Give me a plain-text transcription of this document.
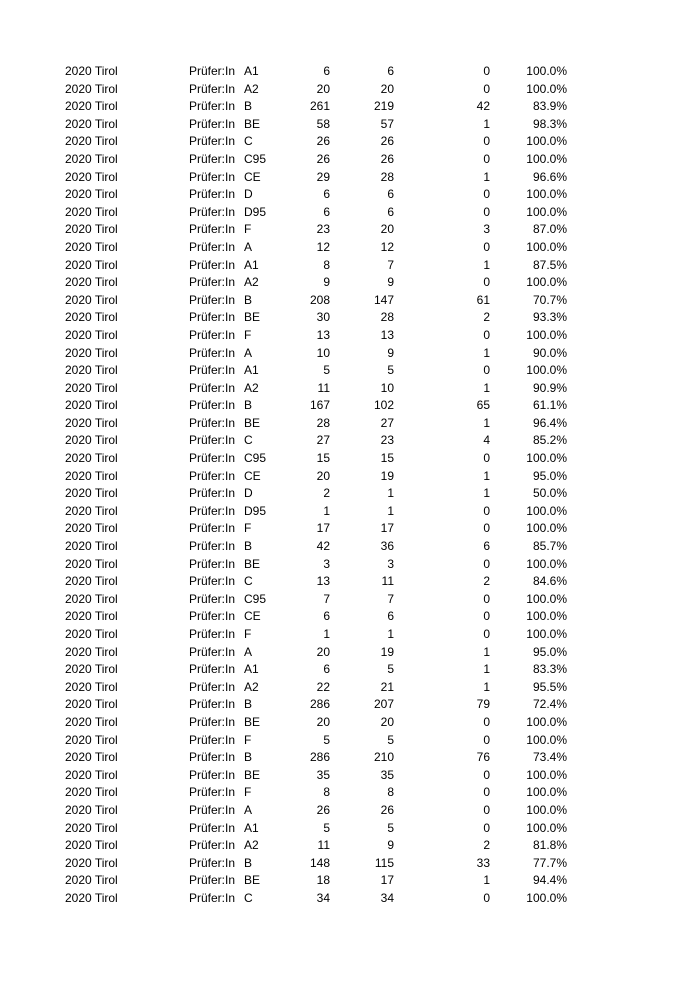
2020 Tirol	Prüfer:In A1	6	6	0	100.0%
2020 Tirol	Prüfer:In A2	20	20	0	100.0%
2020 Tirol	Prüfer:In B	261	219	42	83.9%
2020 Tirol	Prüfer:In BE	58	57	1	98.3%
2020 Tirol	Prüfer:In C	26	26	0	100.0%
2020 Tirol	Prüfer:In C95	26	26	0	100.0%
2020 Tirol	Prüfer:In CE	29	28	1	96.6%
2020 Tirol	Prüfer:In D	6	6	0	100.0%
2020 Tirol	Prüfer:In D95	6	6	0	100.0%
2020 Tirol	Prüfer:In F	23	20	3	87.0%
2020 Tirol	Prüfer:In A	12	12	0	100.0%
2020 Tirol	Prüfer:In A1	8	7	1	87.5%
2020 Tirol	Prüfer:In A2	9	9	0	100.0%
2020 Tirol	Prüfer:In B	208	147	61	70.7%
2020 Tirol	Prüfer:In BE	30	28	2	93.3%
2020 Tirol	Prüfer:In F	13	13	0	100.0%
2020 Tirol	Prüfer:In A	10	9	1	90.0%
2020 Tirol	Prüfer:In A1	5	5	0	100.0%
2020 Tirol	Prüfer:In A2	11	10	1	90.9%
2020 Tirol	Prüfer:In B	167	102	65	61.1%
2020 Tirol	Prüfer:In BE	28	27	1	96.4%
2020 Tirol	Prüfer:In C	27	23	4	85.2%
2020 Tirol	Prüfer:In C95	15	15	0	100.0%
2020 Tirol	Prüfer:In CE	20	19	1	95.0%
2020 Tirol	Prüfer:In D	2	1	1	50.0%
2020 Tirol	Prüfer:In D95	1	1	0	100.0%
2020 Tirol	Prüfer:In F	17	17	0	100.0%
2020 Tirol	Prüfer:In B	42	36	6	85.7%
2020 Tirol	Prüfer:In BE	3	3	0	100.0%
2020 Tirol	Prüfer:In C	13	11	2	84.6%
2020 Tirol	Prüfer:In C95	7	7	0	100.0%
2020 Tirol	Prüfer:In CE	6	6	0	100.0%
2020 Tirol	Prüfer:In F	1	1	0	100.0%
2020 Tirol	Prüfer:In A	20	19	1	95.0%
2020 Tirol	Prüfer:In A1	6	5	1	83.3%
2020 Tirol	Prüfer:In A2	22	21	1	95.5%
2020 Tirol	Prüfer:In B	286	207	79	72.4%
2020 Tirol	Prüfer:In BE	20	20	0	100.0%
2020 Tirol	Prüfer:In F	5	5	0	100.0%
2020 Tirol	Prüfer:In B	286	210	76	73.4%
2020 Tirol	Prüfer:In BE	35	35	0	100.0%
2020 Tirol	Prüfer:In F	8	8	0	100.0%
2020 Tirol	Prüfer:In A	26	26	0	100.0%
2020 Tirol	Prüfer:In A1	5	5	0	100.0%
2020 Tirol	Prüfer:In A2	11	9	2	81.8%
2020 Tirol	Prüfer:In B	148	115	33	77.7%
2020 Tirol	Prüfer:In BE	18	17	1	94.4%
2020 Tirol	Prüfer:In C	34	34	0	100.0%
